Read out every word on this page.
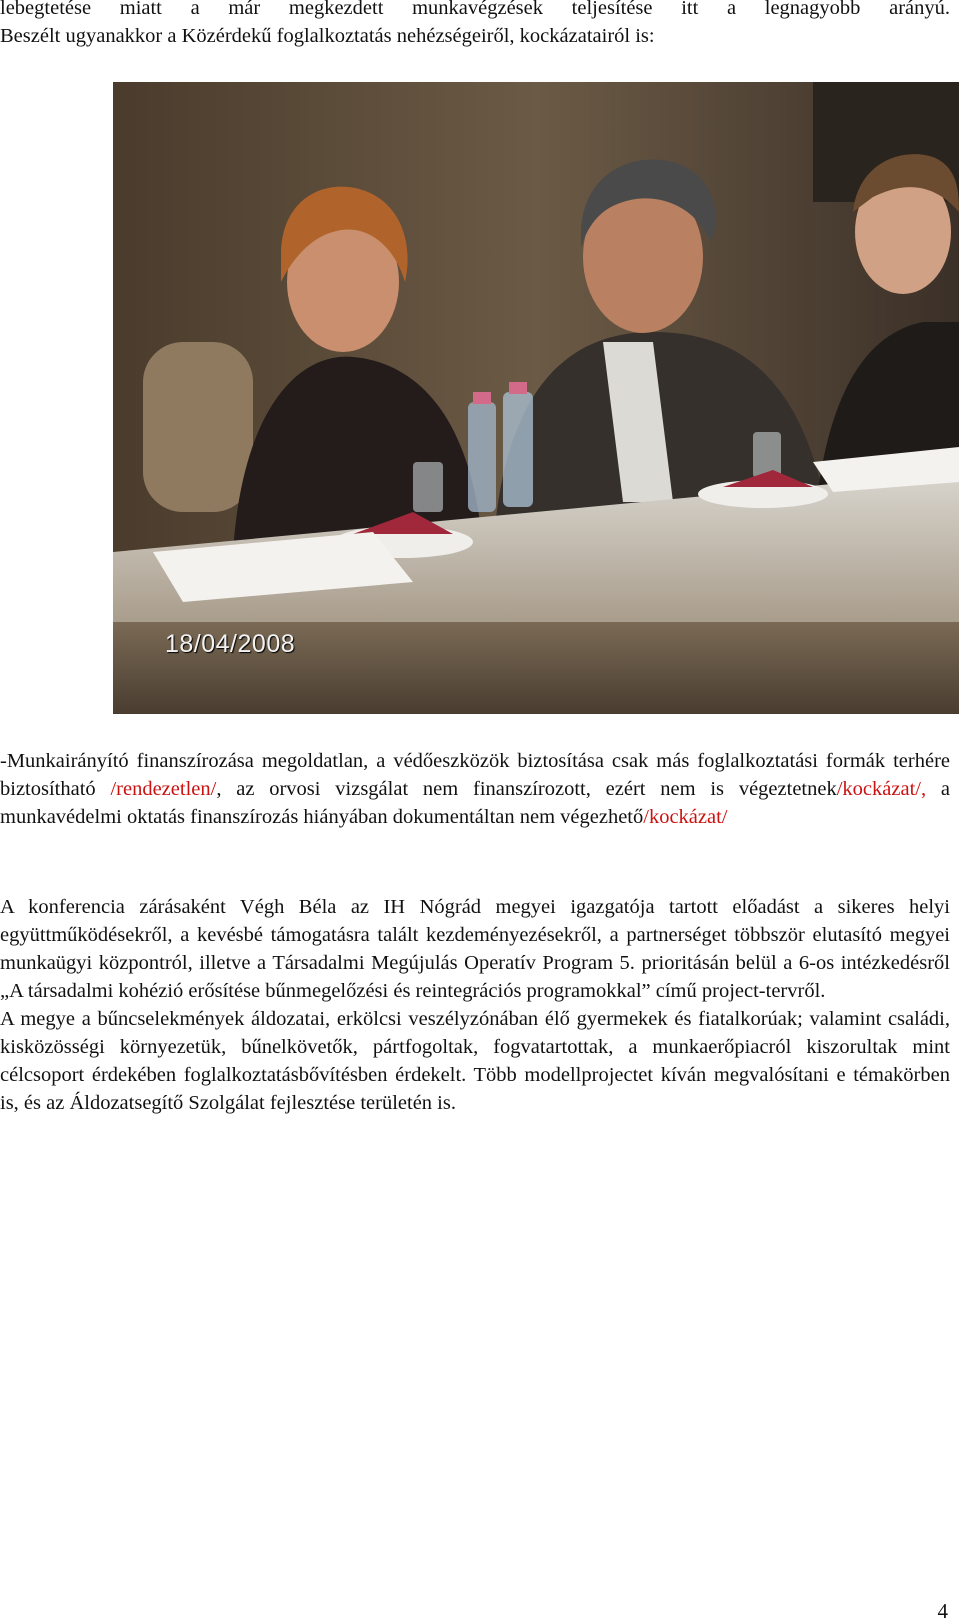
lebegtetése miatt a már megkezdett munkavégzések teljesítése itt a legnagyobb arányú.

Beszélt ugyanakkor a Közérdekű foglalkoztatás nehézségeiről, kockázatairól is:

18/04/2008

-Munkairányító finanszírozása megoldatlan, a védőeszközök biztosítása csak más foglalkoztatási formák terhére biztosítható /rendezetlen/, az orvosi vizsgálat nem finanszírozott, ezért nem is végeztetnek/kockázat/, a munkavédelmi oktatás finanszírozás hiányában dokumentáltan nem végezhető/kockázat/

A konferencia zárásaként Végh Béla az IH Nógrád megyei igazgatója tartott előadást a sikeres helyi együttműködésekről, a kevésbé támogatásra talált kezdeményezésekről, a partnerséget többször elutasító megyei munkaügyi központról, illetve a Társadalmi Megújulás Operatív Program 5. prioritásán belül a 6-os intézkedésről „A társadalmi kohézió erősítése bűnmegelőzési és reintegrációs programokkal” című project-tervről.

A megye a bűncselekmények áldozatai, erkölcsi veszélyzónában élő gyermekek és fiatalkorúak; valamint családi, kisközösségi környezetük, bűnelkövetők, pártfogoltak, fogvatartottak, a munkaerőpiacról kiszorultak mint célcsoport érdekében foglalkoztatásbővítésben érdekelt. Több modellprojectet kíván megvalósítani e témakörben is, és az Áldozatsegítő Szolgálat fejlesztése területén is.

4
